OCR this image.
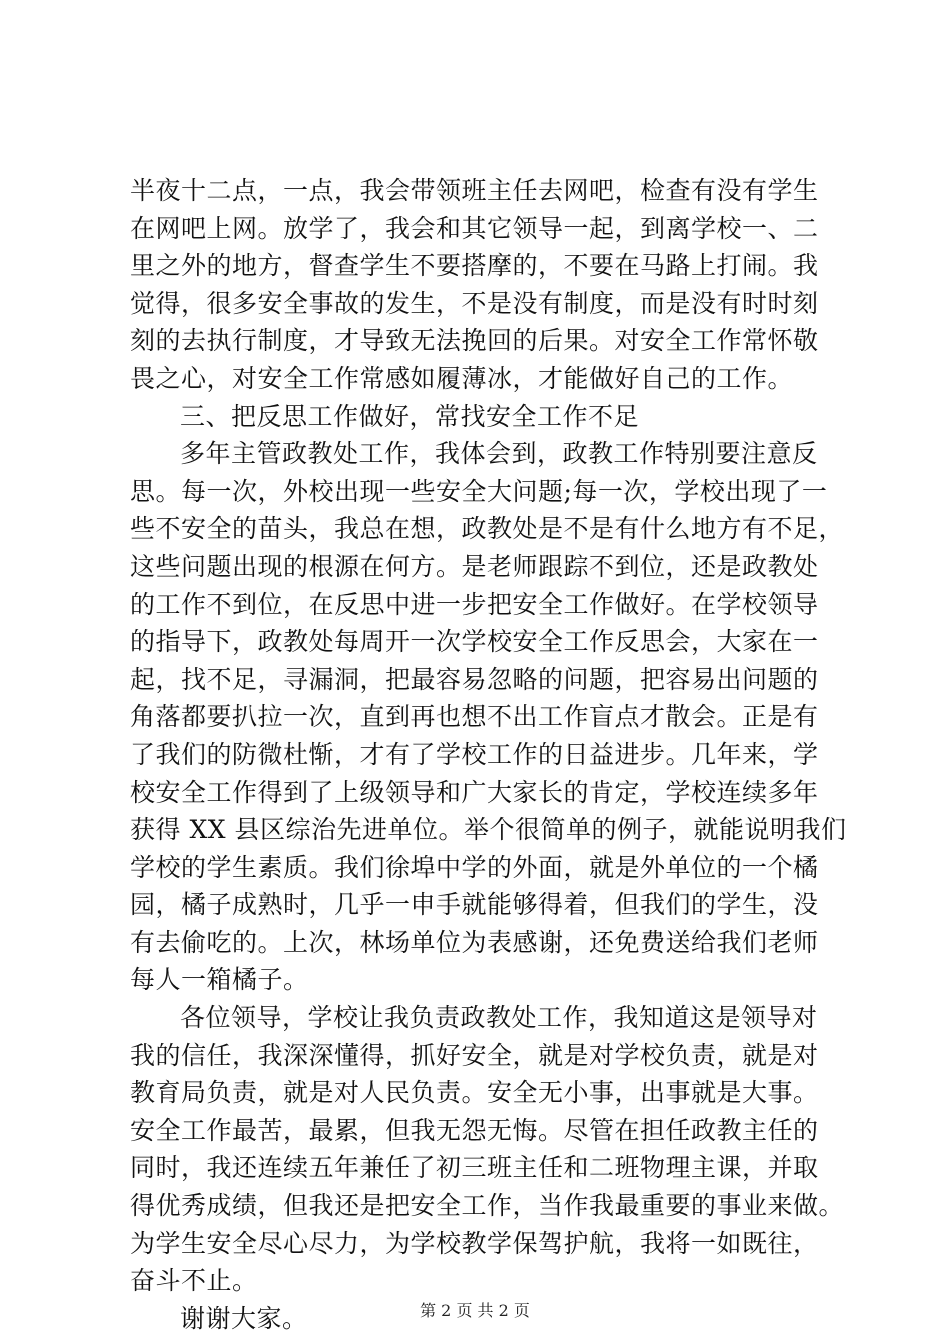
半夜十二点，一点，我会带领班主任去网吧，检查有没有学生
在网吧上网。放学了，我会和其它领导一起，到离学校一、二
里之外的地方，督查学生不要搭摩的，不要在马路上打闹。我
觉得，很多安全事故的发生，不是没有制度，而是没有时时刻
刻的去执行制度，才导致无法挽回的后果。对安全工作常怀敬
畏之心，对安全工作常感如履薄冰，才能做好自己的工作。
三、把反思工作做好，常找安全工作不足
多年主管政教处工作，我体会到，政教工作特别要注意反
思。每一次，外校出现一些安全大问题;每一次，学校出现了一
些不安全的苗头，我总在想，政教处是不是有什么地方有不足，
这些问题出现的根源在何方。是老师跟踪不到位，还是政教处
的工作不到位，在反思中进一步把安全工作做好。在学校领导
的指导下，政教处每周开一次学校安全工作反思会，大家在一
起，找不足，寻漏洞，把最容易忽略的问题，把容易出问题的
角落都要扒拉一次，直到再也想不出工作盲点才散会。正是有
了我们的防微杜惭，才有了学校工作的日益进步。几年来，学
校安全工作得到了上级领导和广大家长的肯定，学校连续多年
获得 XX 县区综治先进单位。举个很简单的例子，就能说明我们
学校的学生素质。我们徐埠中学的外面，就是外单位的一个橘
园，橘子成熟时，几乎一申手就能够得着，但我们的学生，没
有去偷吃的。上次，林场单位为表感谢，还免费送给我们老师
每人一箱橘子。
各位领导，学校让我负责政教处工作，我知道这是领导对
我的信任，我深深懂得，抓好安全，就是对学校负责，就是对
教育局负责，就是对人民负责。安全无小事，出事就是大事。
安全工作最苦，最累，但我无怨无悔。尽管在担任政教主任的
同时，我还连续五年兼任了初三班主任和二班物理主课，并取
得优秀成绩，但我还是把安全工作，当作我最重要的事业来做。
为学生安全尽心尽力，为学校教学保驾护航，我将一如既往，
奋斗不止。
谢谢大家。	第 2 页 共 2 页
